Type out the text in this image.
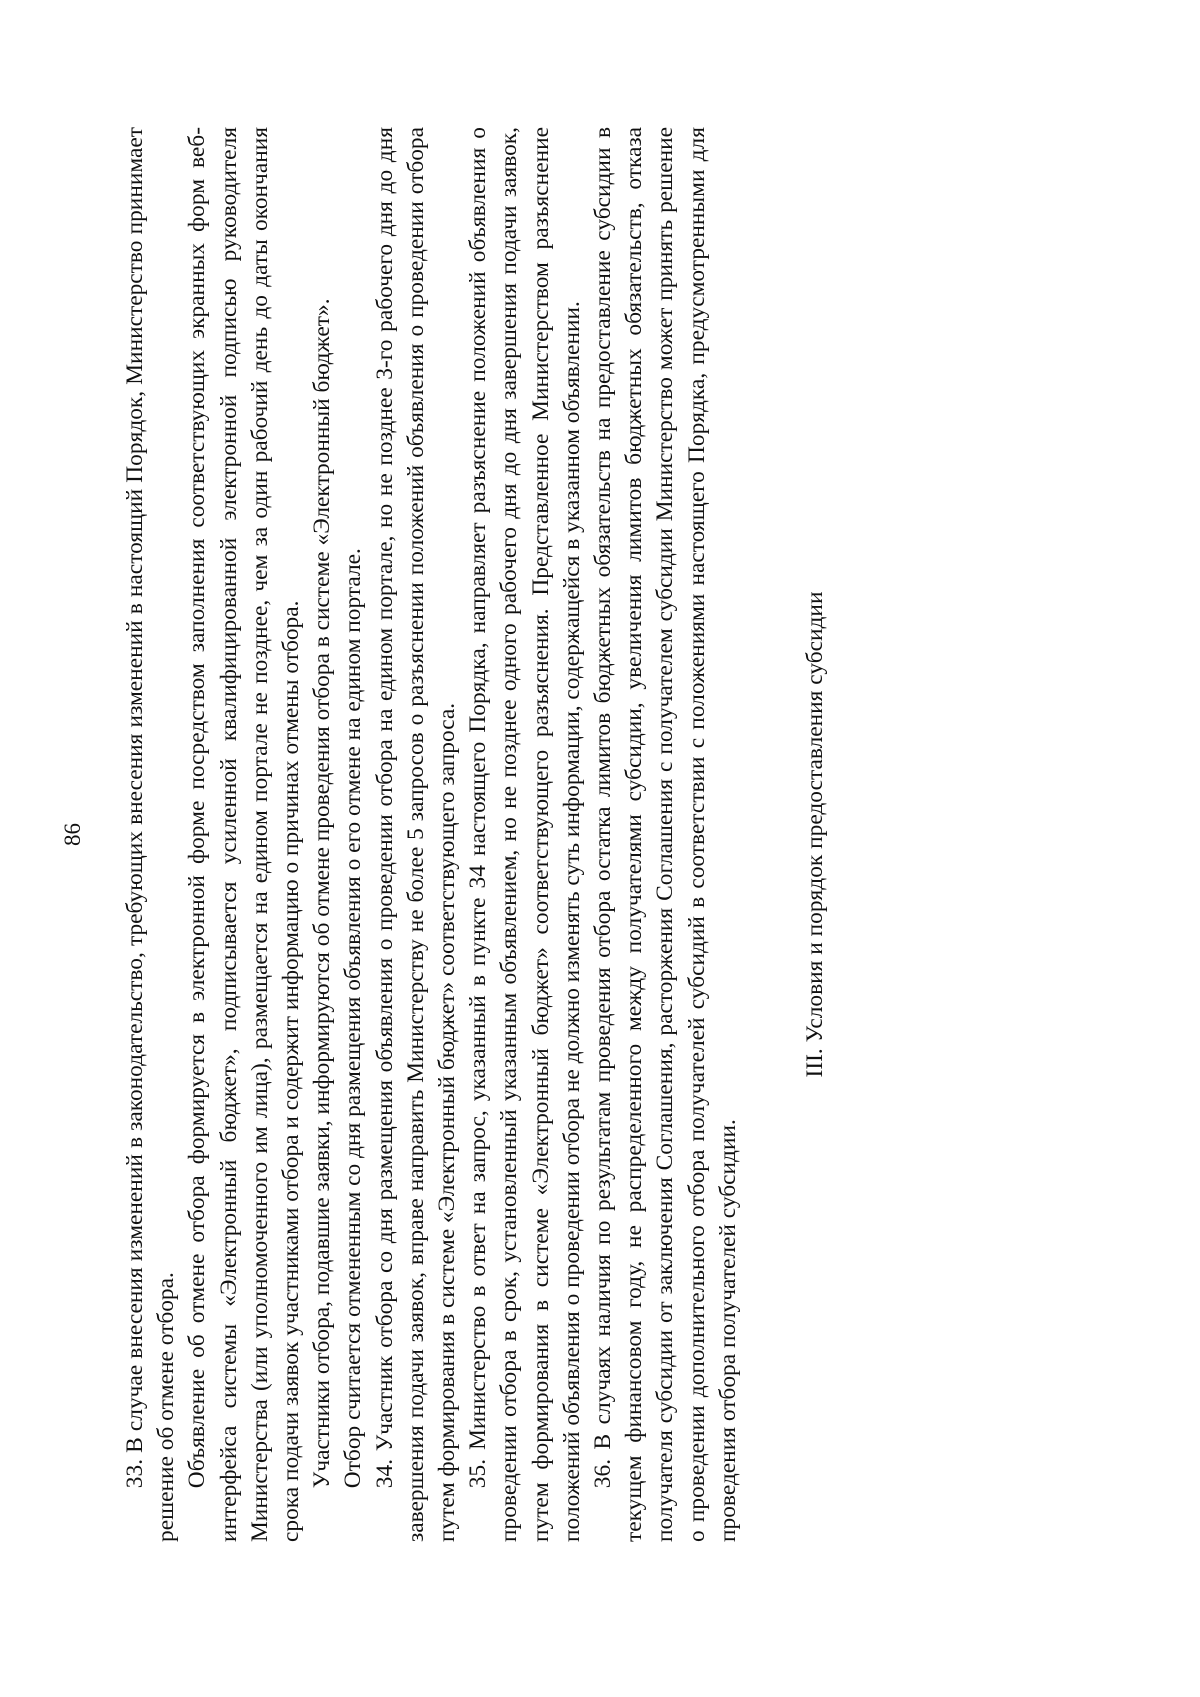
86 33. В случае внесения изменений в законодательство, требующих внесения изменений в настоящий Порядок, Министерство принимает решение об отмене отбора. Объявление об отмене отбора формируется в электронной форме посредством заполнения соответствующих экранных форм веб-интерфейса системы «Электронный бюджет», подписывается усиленной квалифицированной электронной подписью руководителя Министерства (или уполномоченного им лица), размещается на едином портале не позднее, чем за один рабочий день до даты окончания срока подачи заявок участниками отбора и содержит информацию о причинах отмены отбора. Участники отбора, подавшие заявки, информируются об отмене проведения отбора в системе «Электронный бюджет». Отбор считается отмененным со дня размещения объявления о его отмене на едином портале. 34. Участник отбора со дня размещения объявления о проведении отбора на едином портале, но не позднее 3-го рабочего дня до дня завершения подачи заявок, вправе направить Министерству не более 5 запросов о разъяснении положений объявления о проведении отбора путем формирования в системе «Электронный бюджет» соответствующего запроса. 35. Министерство в ответ на запрос, указанный в пункте 34 настоящего Порядка, направляет разъяснение положений объявления о проведении отбора в срок, установленный указанным объявлением, но не позднее одного рабочего дня до дня завершения подачи заявок, путем формирования в системе «Электронный бюджет» соответствующего разъяснения. Представленное Министерством разъяснение положений объявления о проведении отбора не должно изменять суть информации, содержащейся в указанном объявлении. 36. В случаях наличия по результатам проведения отбора остатка лимитов бюджетных обязательств на предоставление субсидии в текущем финансовом году, не распределенного между получателями субсидии, увеличения лимитов бюджетных обязательств, отказа получателя субсидии от заключения Соглашения, расторжения Соглашения с получателем субсидии Министерство может принять решение о проведении дополнительного отбора получателей субсидий в соответствии с положениями настоящего Порядка, предусмотренными для проведения отбора получателей субсидии.

III. Условия и порядок предоставления субсидии
